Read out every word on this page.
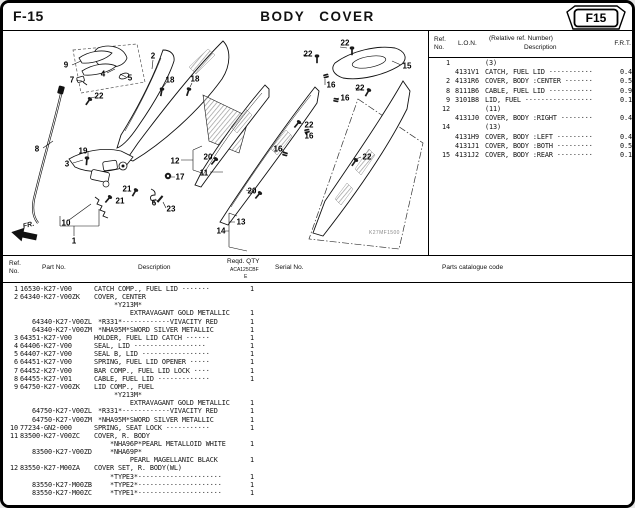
F-15	BODY COVER	F15
9
4	5
7
22
2
18 18
22
22
15
16	22
16
22
16
16
22
8	19
3	12	20
17 11
21
21	6
23
20
10
1
13
14
FR.
K27MF1500
Ref.
No.
L.O.N.
(Relative ref. Number)
Description
F.R.T.
1	(3)
4131V1 CATCH, FUEL LID ···········	0.4
2 4131R6 COVER, BODY :CENTER ·······	0.5
8 8111B6 CABLE, FUEL LID ···········	0.9
9 3101B8 LID, FUEL ·················	0.1
12	(11)
4131J0 COVER, BODY :RIGHT ········	0.4
14	(13)
4131H9 COVER, BODY :LEFT ·········	0.4
4131J1 COVER, BODY :BOTH ·········	0.5
15 4131J2 COVER, BODY :REAR ·········	0.1
Ref.
No.
Part No.	Description
Reqd. QTY
ACA125CBF
E
Serial No.	Parts catalogue code
1 16530-K27-V00	CATCH COMP., FUEL LID ·······	1
2 64340-K27-V00ZK	COVER, CENTER
*Y213M*
EXTRAVAGANT GOLD METALLIC	1
64340-K27-V00ZL *R331*············VIVACITY RED	1
64340-K27-V00ZM *NHA95M*SWORD SILVER METALLIC	1
3 64351-K27-V00	HOLDER, FUEL LID CATCH ······	1
4 64406-K27-V00	SEAL, LID ··················	1
5 64407-K27-V00	SEAL B, LID ·················	1
6 64451-K27-V00	SPRING, FUEL LID OPENER ·····	1
7 64452-K27-V00	BAR COMP., FUEL LID LOCK ····	1
8 64455-K27-V01	CABLE, FUEL LID ·············	1
9 64750-K27-V00ZK	LID COMP., FUEL
*Y213M*
EXTRAVAGANT GOLD METALLIC	1
64750-K27-V00ZL *R331*············VIVACITY RED	1
64750-K27-V00ZM *NHA95M*SWORD SILVER METALLIC	1
10 77234-GN2-000	SPRING, SEAT LOCK ···········	1
11 83500-K27-V00ZC	COVER, R. BODY
*NHA96P*PEARL METALLOID WHITE	1
83500-K27-V00ZD *NHA69P*
PEARL MAGELLANIC BLACK	1
12 83550-K27-M00ZA	COVER SET, R. BODY(WL)
*TYPE3*·····················	1
83550-K27-M00ZB *TYPE2*·····················	1
83550-K27-M00ZC *TYPE1*·····················	1
